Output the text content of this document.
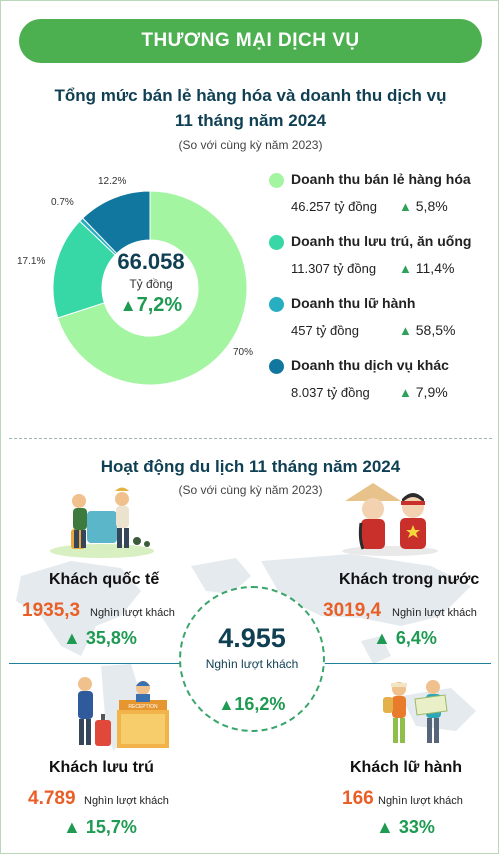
THƯƠNG MẠI DỊCH VỤ
Tổng mức bán lẻ hàng hóa và doanh thu dịch vụ
11 tháng năm 2024
(So với cùng kỳ năm 2023)
12.2%
0.7%
17.1%
70%
66.058
Tỷ đồng
▲7,2%
Doanh thu bán lẻ hàng hóa
46.257 tỷ đồng ▲ 5,8%
Doanh thu lưu trú, ăn uống
11.307 tỷ đồng ▲ 11,4%
Doanh thu lữ hành
457 tỷ đồng	▲ 58,5%
Doanh thu dịch vụ khác
8.037 tỷ đồng ▲ 7,9%
Hoạt động du lịch 11 tháng năm 2024
(So với cùng kỳ năm 2023)
4.955
Nghìn lượt khách
▲16,2%
RECEPTION
Khách quốc tế
1935,3 Nghìn lượt khách
▲ 35,8%
Khách trong nước
3019,4 Nghìn lượt khách
▲ 6,4%
Khách lưu trú
4.789 Nghìn lượt khách
▲ 15,7%
Khách lữ hành
166 Nghìn lượt khách
▲ 33%
